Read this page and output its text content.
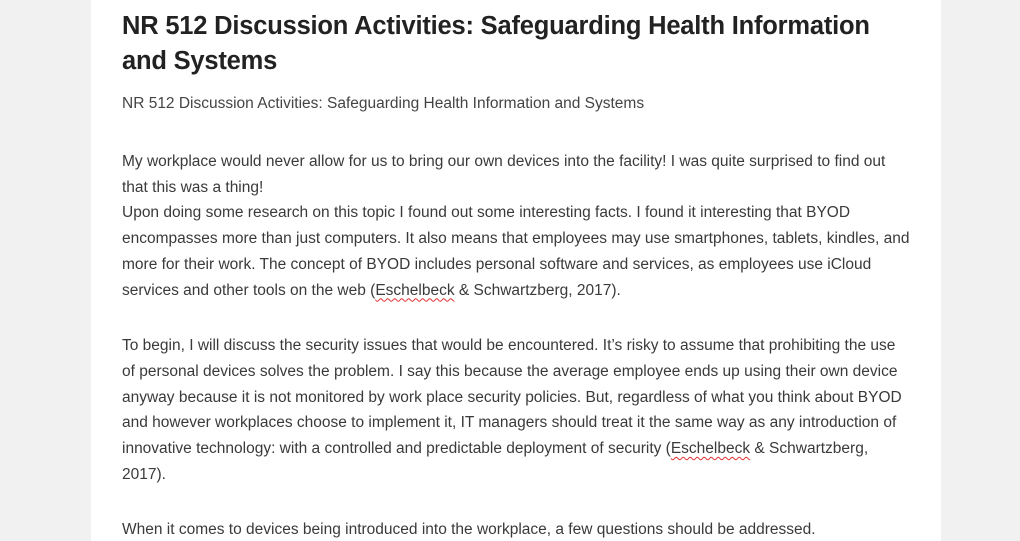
NR 512 Discussion Activities: Safeguarding Health Information and Systems

NR 512 Discussion Activities: Safeguarding Health Information and Systems

My workplace would never allow for us to bring our own devices into the facility! I was quite surprised to find out that this was a thing!
Upon doing some research on this topic I found out some interesting facts. I found it interesting that BYOD encompasses more than just computers. It also means that employees may use smartphones, tablets, kindles, and more for their work. The concept of BYOD includes personal software and services, as employees use iCloud services and other tools on the web (Eschelbeck & Schwartzberg, 2017).

To begin, I will discuss the security issues that would be encountered. It’s risky to assume that prohibiting the use of personal devices solves the problem. I say this because the average employee ends up using their own device anyway because it is not monitored by work place security policies. But, regardless of what you think about BYOD and however workplaces choose to implement it, IT managers should treat it the same way as any introduction of innovative technology: with a controlled and predictable deployment of security (Eschelbeck & Schwartzberg, 2017).

When it comes to devices being introduced into the workplace, a few questions should be addressed.
